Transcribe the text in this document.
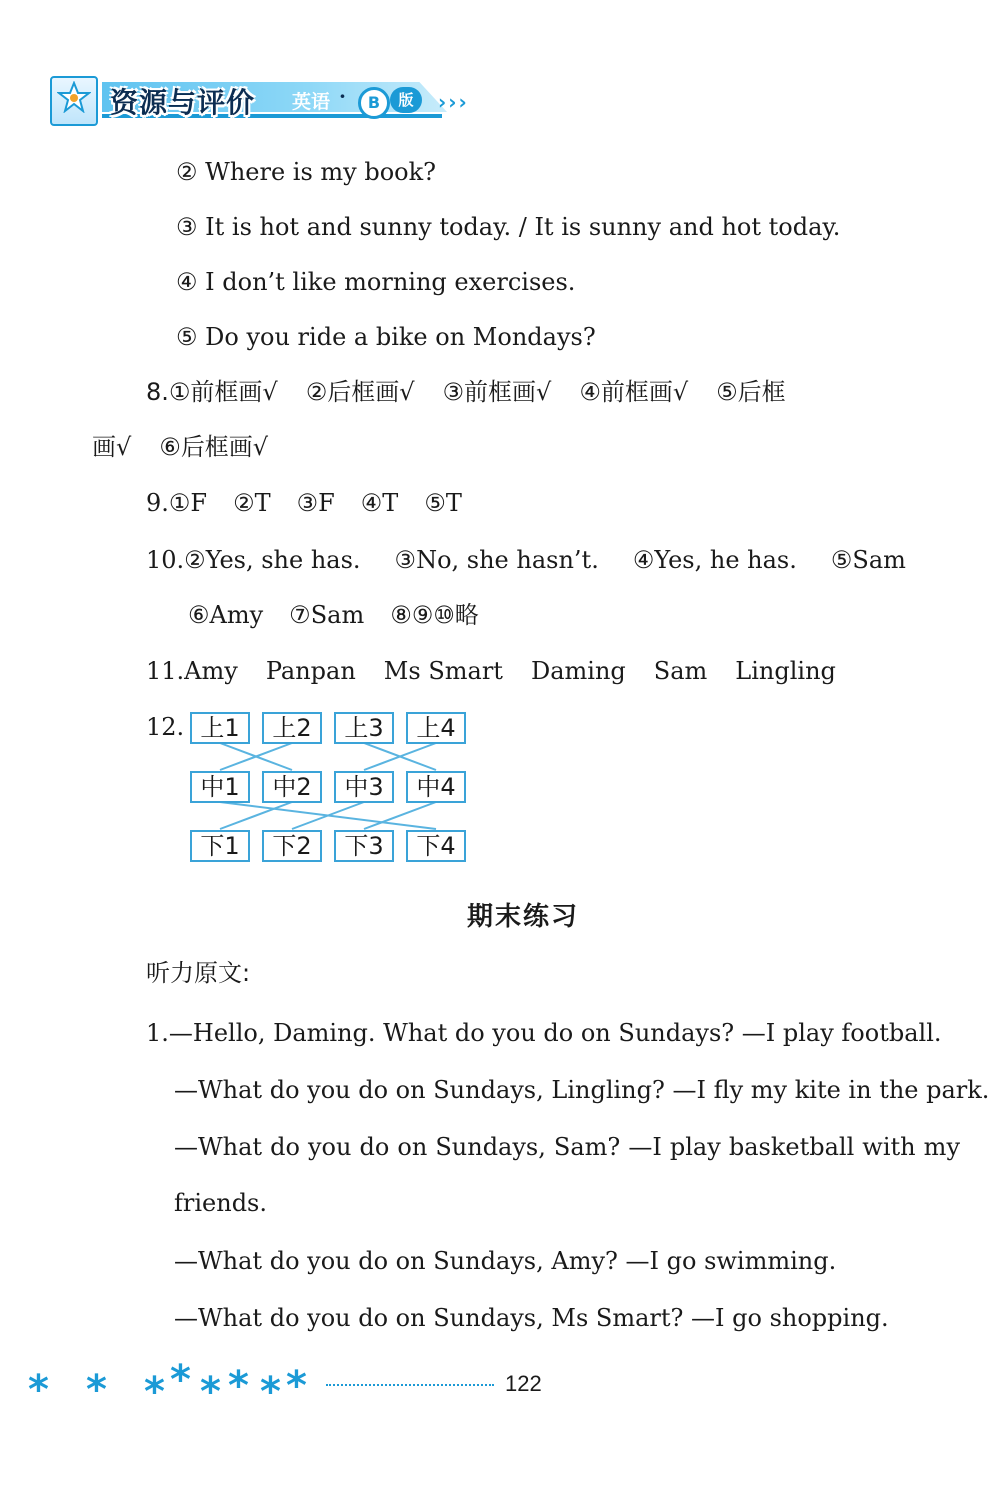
资源与评价 英语 ·	B	版	›››
② Where is my book?
③ It is hot and sunny today. / It is sunny and hot today.
④ I don’t like morning exercises.
⑤ Do you ride a bike on Mondays?
8.①前框画√ ②后框画√ ③前框画√ ④前框画√ ⑤后框
画√ ⑥后框画√
9.①F ②T ③F ④T ⑤T
10.②Yes, she has. ③No, she hasn’t. ④Yes, he has. ⑤Sam
⑥Amy ⑦Sam ⑧⑨⑩略
11.Amy Panpan Ms Smart Daming Sam Lingling
12. 上1	上2	上3	上4
中1	中2	中3	中4
下1	下2	下3	下4
期末练习
听力原文:
1.—Hello, Daming. What do you do on Sundays? —I play football.
—What do you do on Sundays, Lingling? —I fly my kite in the park.
—What do you do on Sundays, Sam? —I play basketball with my
friends.
—What do you do on Sundays, Amy? —I go swimming.
—What do you do on Sundays, Ms Smart? —I go shopping.
* * * * * * * *	122
